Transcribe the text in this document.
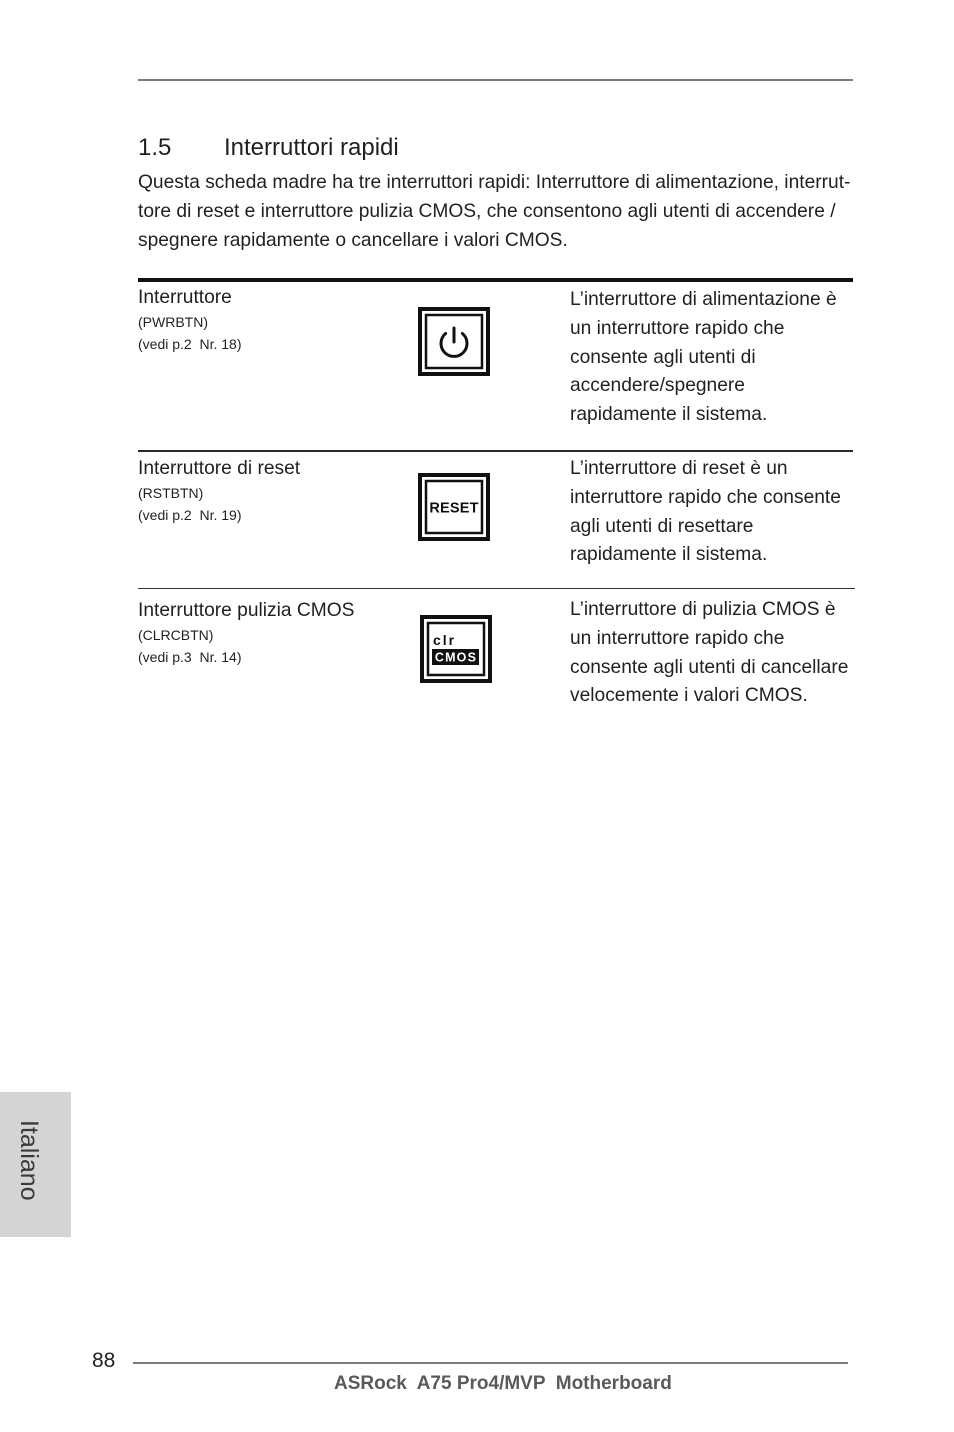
1.5 Interruttori rapidi
Questa scheda madre ha tre interruttori rapidi: Interruttore di alimentazione, interrut-
tore di reset e interruttore pulizia CMOS, che consentono agli utenti di accendere /
spegnere rapidamente o cancellare i valori CMOS.
Interruttore
(PWRBTN)
(vedi p.2  Nr. 18)
L’interruttore di alimentazione è
un interruttore rapido che
consente agli utenti di
accendere/spegnere
rapidamente il sistema.
Interruttore di reset
(RSTBTN)
(vedi p.2  Nr. 19)	RESET
L’interruttore di reset è un
interruttore rapido che consente
agli utenti di resettare
rapidamente il sistema.
Interruttore pulizia CMOS
(CLRCBTN)
(vedi p.3  Nr. 14)
clr
CMOS
L’interruttore di pulizia CMOS è
un interruttore rapido che
consente agli utenti di cancellare
velocemente i valori CMOS.
Italiano
88
ASRock  A75 Pro4/MVP  Motherboard
